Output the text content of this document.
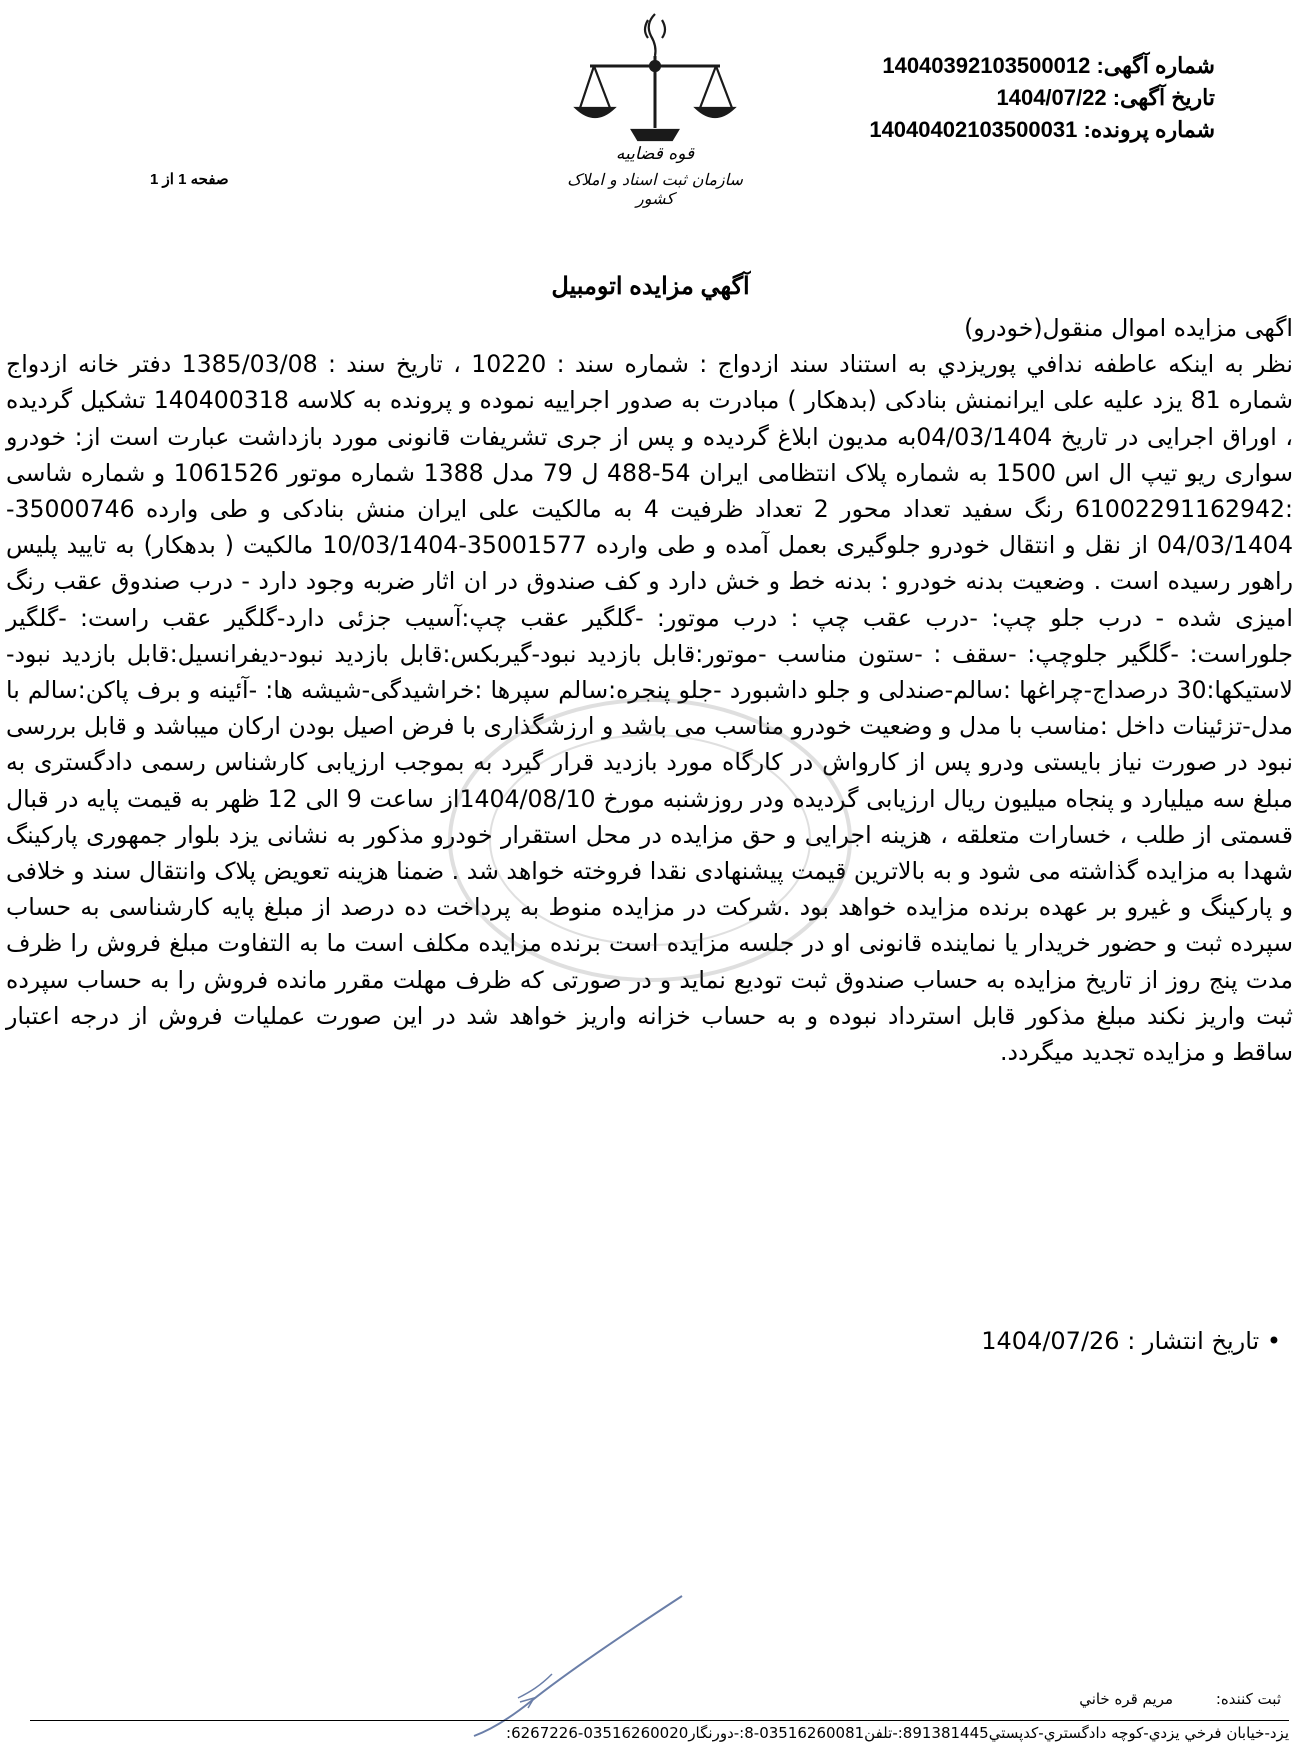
قوه قضاییه
سازمان ثبت اسناد و املاک کشور
شماره آگهی: 14040392103500012
تاریخ آگهی: 1404/07/22
شماره پرونده: 14040402103500031
صفحه 1 از 1
آگهي مزايده اتومبيل

اگهی مزایده اموال منقول(خودرو)

نظر به اینکه عاطفه ندافي پوريزدي به استناد سند ازدواج : شماره سند : 10220 ، تاریخ سند : 1385/03/08 دفتر خانه ازدواج شماره 81 یزد علیه علی ایرانمنش بنادکی (بدهکار ) مبادرت به صدور اجراییه نموده و پرونده به کلاسه 140400318 تشکیل گردیده ، اوراق اجرایی در تاریخ 04/03/1404به مدیون ابلاغ گردیده و پس از جری تشریفات قانونی مورد بازداشت عبارت است از: خودرو سواری ریو تیپ ال اس 1500 به شماره پلاک انتظامی ایران 54-488 ل 79 مدل 1388 شماره موتور 1061526 و شماره شاسی :61002291162942 رنگ سفید تعداد محور 2 تعداد ظرفیت 4 به مالکیت علی ایران منش بنادکی و طی وارده 35000746-04/03/1404 از نقل و انتقال خودرو جلوگیری بعمل آمده و طی وارده 35001577-10/03/1404 مالکیت ( بدهکار) به تایید پلیس راهور رسیده است . وضعیت بدنه خودرو : بدنه خط و خش دارد و کف صندوق در ان اثار ضربه وجود دارد - درب صندوق عقب رنگ امیزی شده - درب جلو چپ: -درب عقب چپ : درب موتور: -گلگیر عقب چپ:آسیب جزئی دارد-گلگیر عقب راست: -گلگیر جلوراست: -گلگیر جلوچپ: -سقف : -ستون مناسب -موتور:قابل بازدید نبود-گیربکس:قابل بازدید نبود-دیفرانسیل:قابل بازدید نبود-لاستیکها:30 درصداج-چراغها :سالم-صندلی و جلو داشبورد -جلو پنجره:سالم سپرها :خراشیدگی-شیشه ها: -آئینه و برف پاکن:سالم با مدل-تزئینات داخل :مناسب با مدل و وضعیت خودرو مناسب می باشد و ارزشگذاری با فرض اصیل بودن ارکان میباشد و قابل بررسی نبود در صورت نیاز بایستی ودرو پس از کارواش در کارگاه مورد بازدید قرار گیرد به بموجب ارزیابی کارشناس رسمی دادگستری به مبلغ سه میلیارد و پنجاه میلیون ریال ارزیابی گردیده ودر روزشنبه مورخ 1404/08/10از ساعت 9 الی 12 ظهر به قیمت پایه در قبال قسمتی از طلب ، خسارات متعلقه ، هزینه اجرایی و حق مزایده در محل استقرار خودرو مذکور به نشانی یزد بلوار جمهوری پارکینگ شهدا به مزایده گذاشته می شود و به بالاترین قیمت پیشنهادی نقدا فروخته خواهد شد . ضمنا هزینه تعویض پلاک وانتقال سند و خلافی و پارکینگ و غیرو بر عهده برنده مزایده خواهد بود .شرکت در مزایده منوط به پرداخت ده درصد از مبلغ پایه کارشناسی به حساب سپرده ثبت و حضور خریدار یا نماینده قانونی او در جلسه مزایده است برنده مزایده مکلف است ما به التفاوت مبلغ فروش را ظرف مدت پنج روز از تاریخ مزایده به حساب صندوق ثبت تودیع نماید و در صورتی که ظرف مهلت مقرر مانده فروش را به حساب سپرده ثبت واریز نکند مبلغ مذکور قابل استرداد نبوده و به حساب خزانه واریز خواهد شد در این صورت عملیات فروش از درجه اعتبار ساقط و مزایده تجدید میگردد.

• تاریخ انتشار : 1404/07/26
ثبت كننده: مريم قره خاني
يزد-خيابان فرخي يزدي-كوچه دادگستري-كدپستي891381445:-تلفن03516260081-8:-دورنگار03516260020-6267226:
